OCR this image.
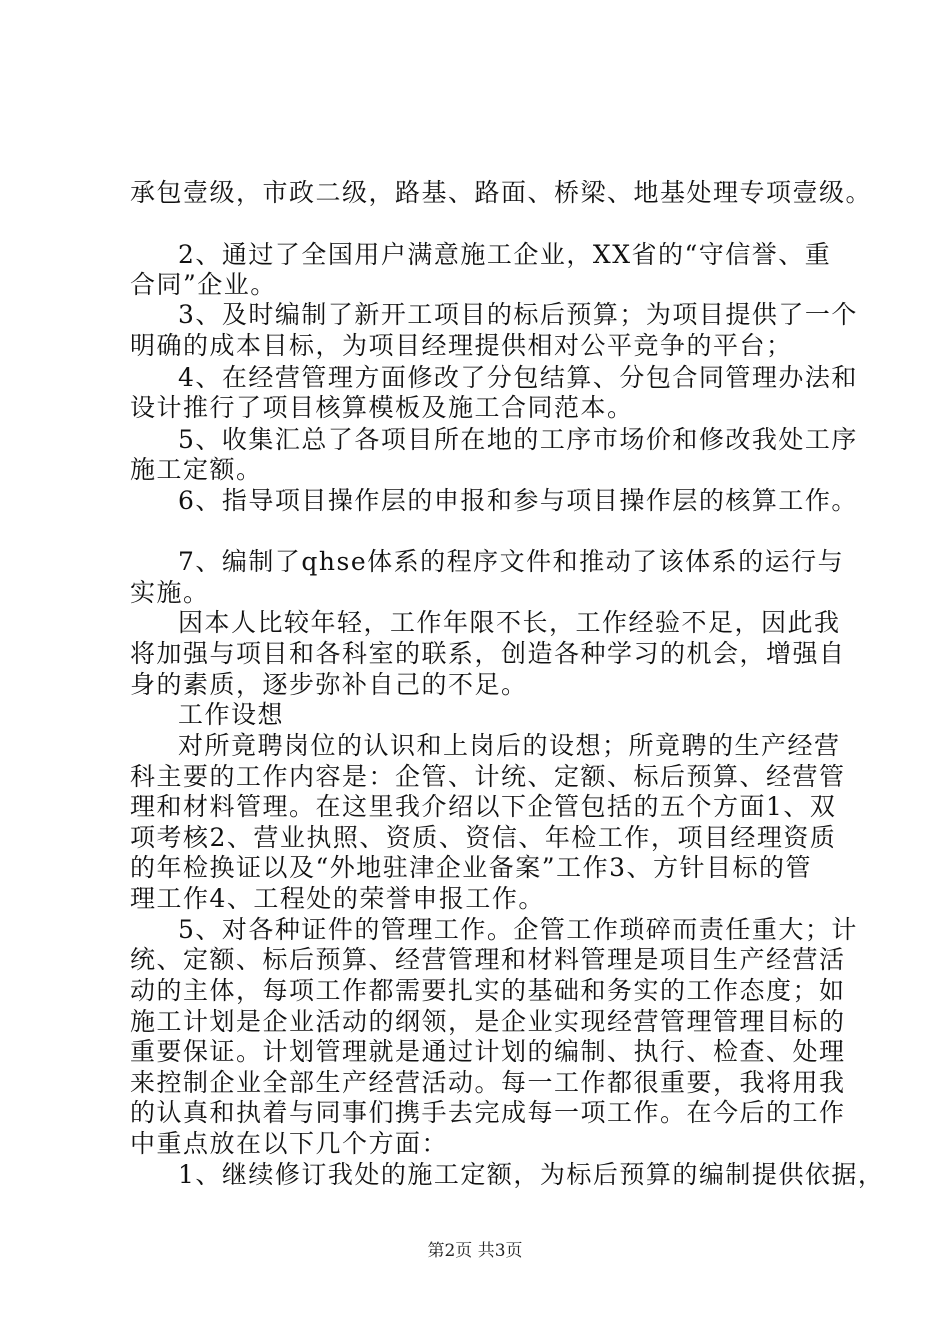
承包壹级，市政二级，路基、路面、桥梁、地基处理专项壹级。
2、通过了全国用户满意施工企业，XX省的“守信誉、重
合同”企业。
3、及时编制了新开工项目的标后预算；为项目提供了一个
明确的成本目标，为项目经理提供相对公平竞争的平台；
4、在经营管理方面修改了分包结算、分包合同管理办法和
设计推行了项目核算模板及施工合同范本。
5、收集汇总了各项目所在地的工序市场价和修改我处工序
施工定额。
6、指导项目操作层的申报和参与项目操作层的核算工作。
7、编制了qhse体系的程序文件和推动了该体系的运行与
实施。
因本人比较年轻，工作年限不长，工作经验不足，因此我
将加强与项目和各科室的联系，创造各种学习的机会，增强自
身的素质，逐步弥补自己的不足。
工作设想
对所竟聘岗位的认识和上岗后的设想；所竟聘的生产经营
科主要的工作内容是：企管、计统、定额、标后预算、经营管
理和材料管理。在这里我介绍以下企管包括的五个方面1、双
项考核2、营业执照、资质、资信、年检工作，项目经理资质
的年检换证以及“外地驻津企业备案”工作3、方针目标的管
理工作4、工程处的荣誉申报工作。
5、对各种证件的管理工作。企管工作琐碎而责任重大；计
统、定额、标后预算、经营管理和材料管理是项目生产经营活
动的主体，每项工作都需要扎实的基础和务实的工作态度；如
施工计划是企业活动的纲领，是企业实现经营管理管理目标的
重要保证。计划管理就是通过计划的编制、执行、检查、处理
来控制企业全部生产经营活动。每一工作都很重要，我将用我
的认真和执着与同事们携手去完成每一项工作。在今后的工作
中重点放在以下几个方面：
1、继续修订我处的施工定额，为标后预算的编制提供依据，
第2页 共3页
